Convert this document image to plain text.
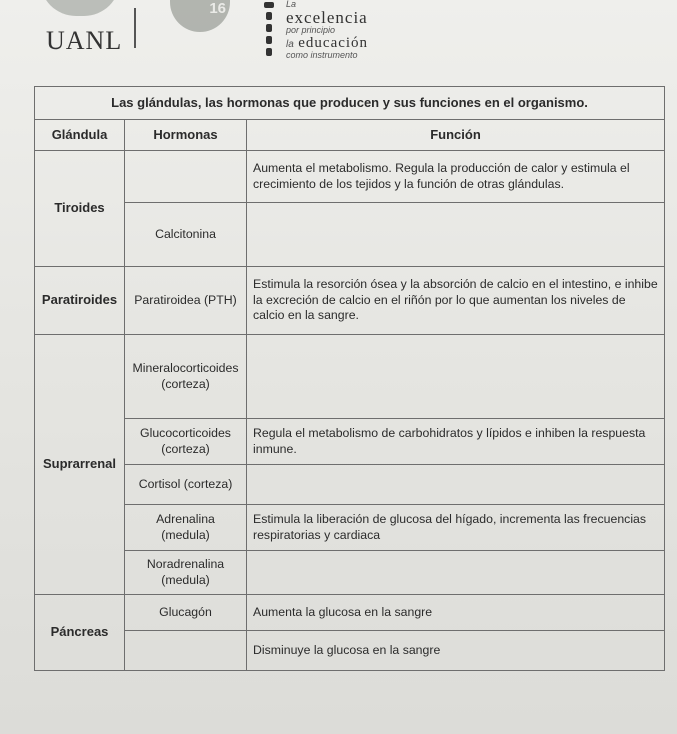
UANL
16	La
excelencia
por principio
la educación
como instrumento
Las glándulas, las hormonas que producen y sus funciones en el organismo.		
Glándula	Hormonas	Función
Tiroides		Aumenta el metabolismo. Regula la producción de calor y estimula el crecimiento de los tejidos y la función de otras glándulas.
	Calcitonina	
Paratiroides	Paratiroidea (PTH)	Estimula la resorción ósea y la absorción de calcio en el intestino, e inhibe la excreción de calcio en el riñón por lo que aumentan los niveles de calcio en la sangre.
Suprarrenal	Mineralocorticoides (corteza)	
	Glucocorticoides (corteza)	Regula el metabolismo de carbohidratos y lípidos e inhiben la respuesta inmune.
	Cortisol (corteza)	
	Adrenalina (medula)	Estimula la liberación de glucosa del hígado, incrementa las frecuencias respiratorias y cardiaca
	Noradrenalina (medula)	
Páncreas	Glucagón	Aumenta la glucosa en la sangre
		Disminuye la glucosa en la sangre
